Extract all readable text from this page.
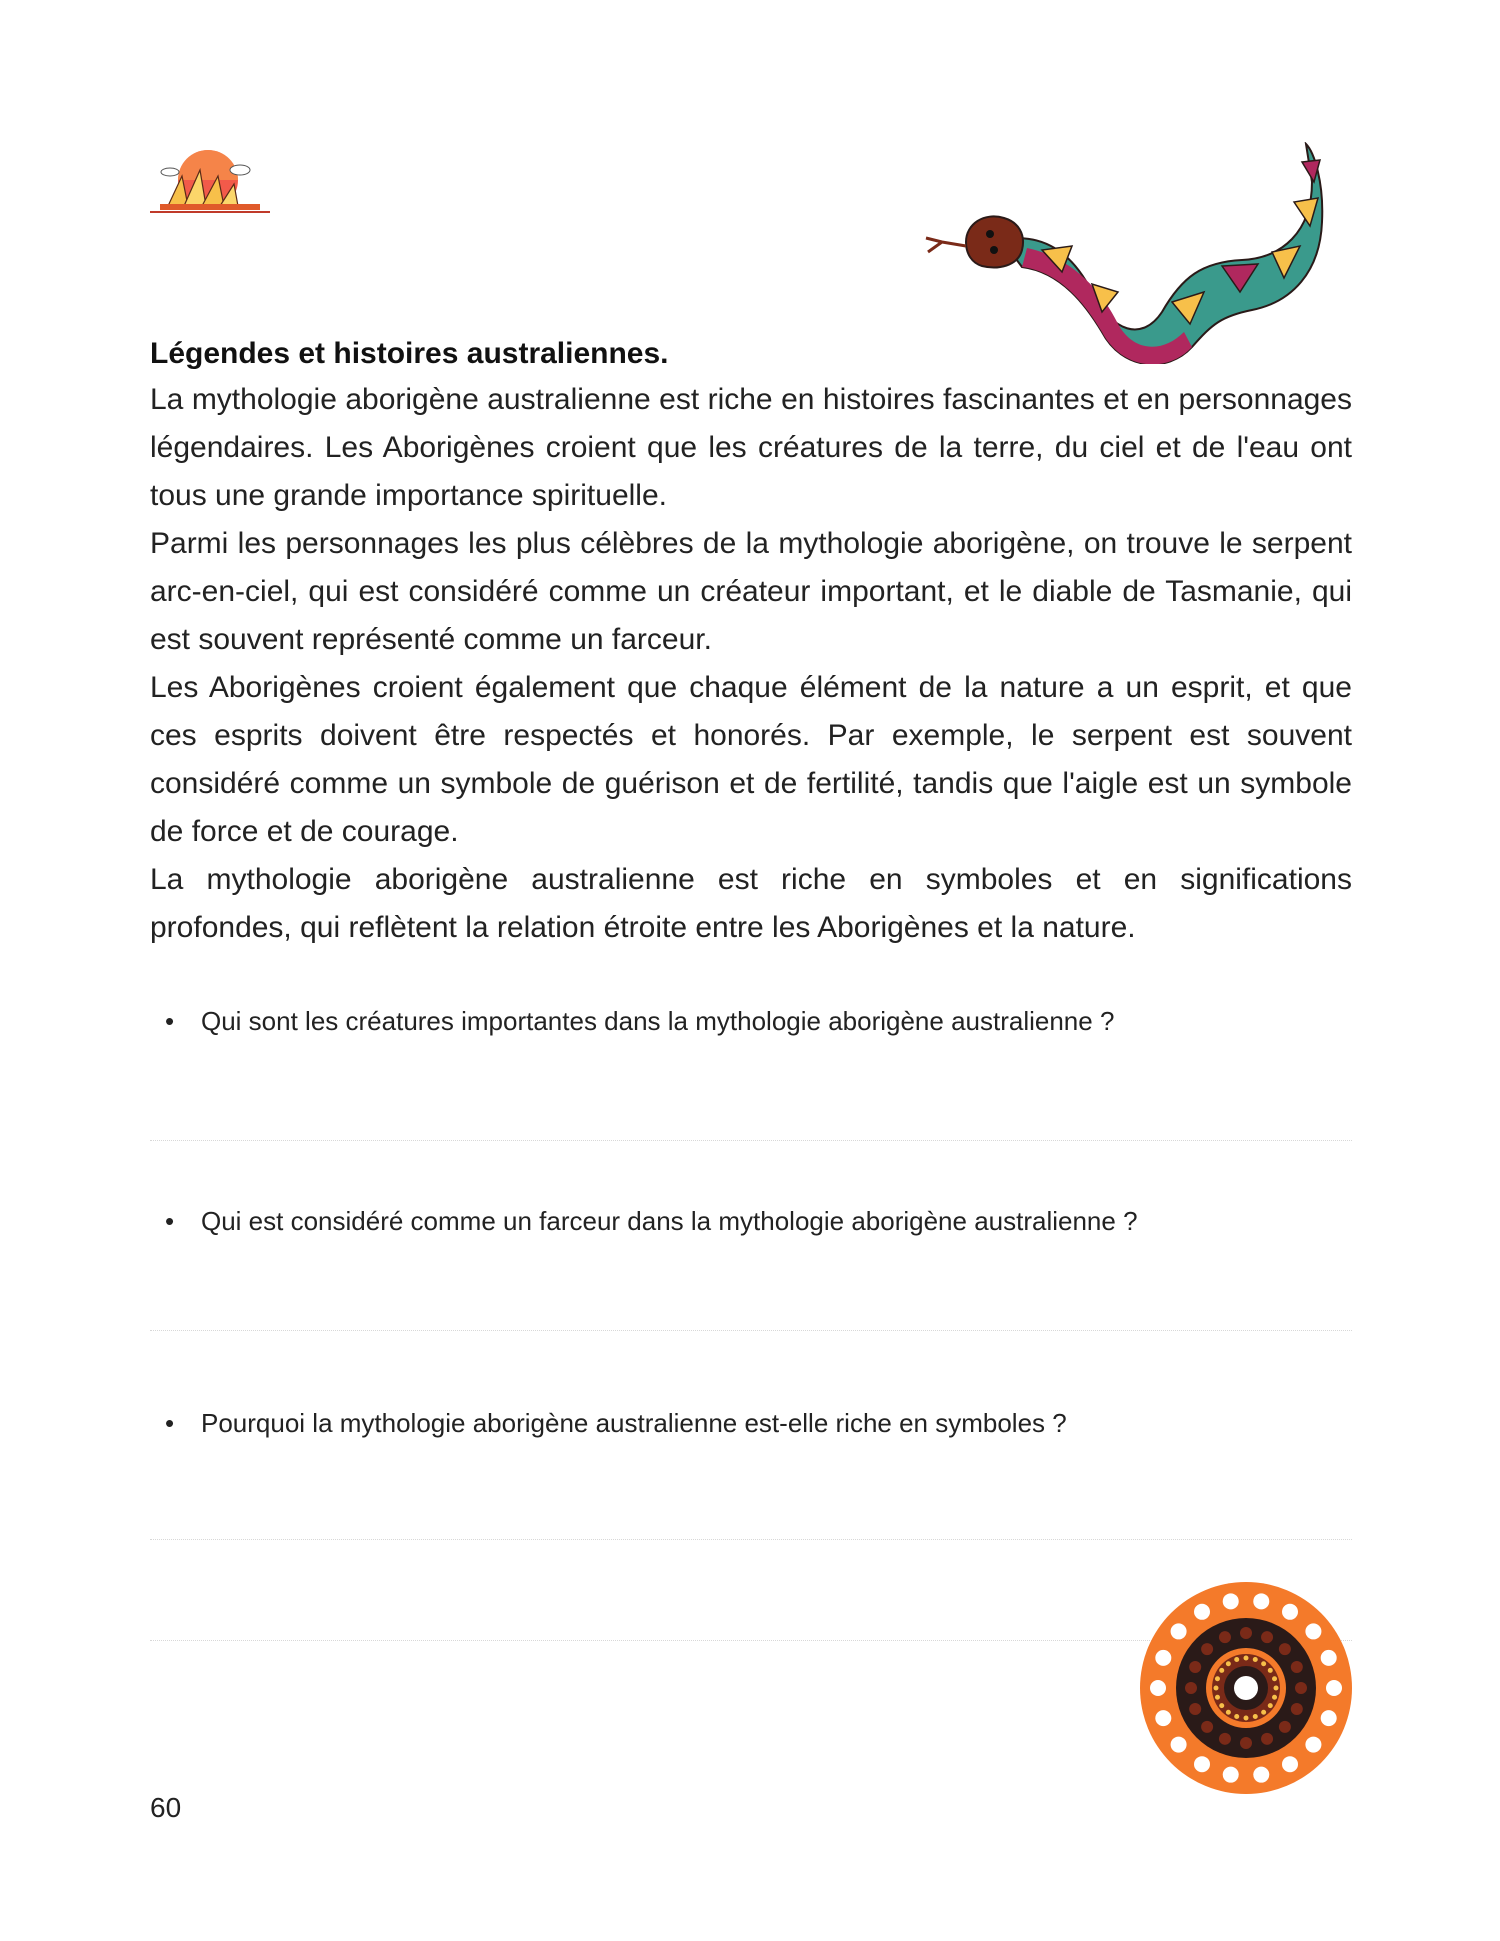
Légendes et histoires australiennes.

La mythologie aborigène australienne est riche en histoires fascinantes et en personnages légendaires. Les Aborigènes croient que les créatures de la terre, du ciel et de l'eau ont tous une grande importance spirituelle.

Parmi les personnages les plus célèbres de la mythologie aborigène, on trouve le serpent arc-en-ciel, qui est considéré comme un créateur important, et le diable de Tasmanie, qui est souvent représenté comme un farceur.

Les Aborigènes croient également que chaque élément de la nature a un esprit, et que ces esprits doivent être respectés et honorés. Par exemple, le serpent est souvent considéré comme un symbole de guérison et de fertilité, tandis que l'aigle est un symbole de force et de courage.

La mythologie aborigène australienne est riche en symboles et en significations profondes, qui reflètent la relation étroite entre les Aborigènes et la nature.

• Qui sont les créatures importantes dans la mythologie aborigène australienne ?
• Qui est considéré comme un farceur dans la mythologie aborigène australienne ?
• Pourquoi la mythologie aborigène australienne est-elle riche en symboles ?
60
